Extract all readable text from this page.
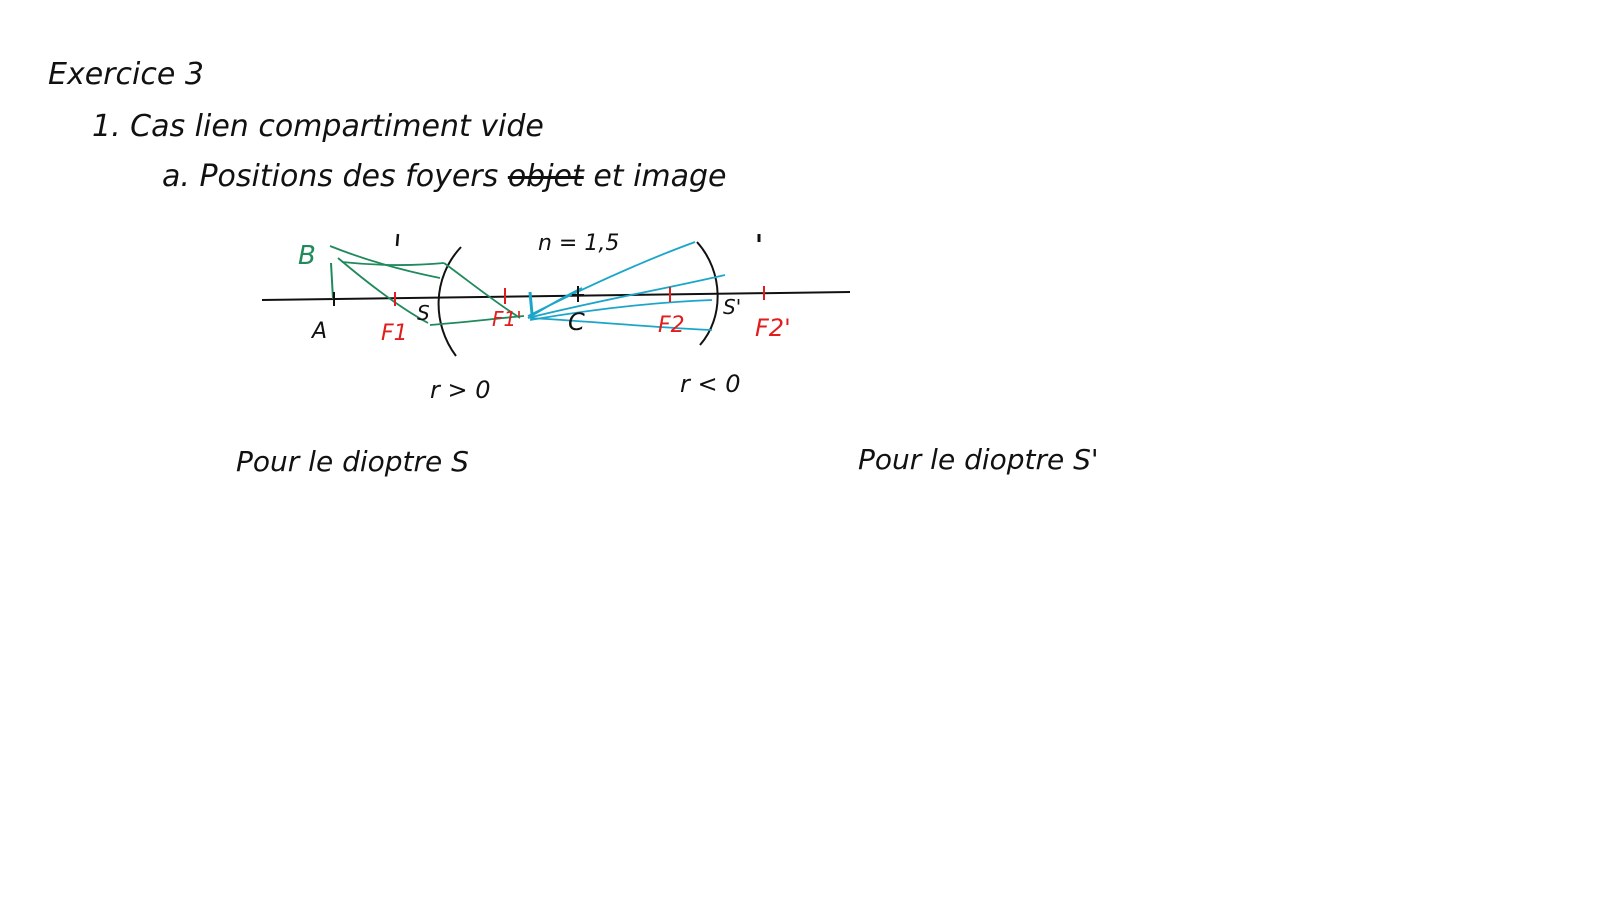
Exercice 3
1. Cas lien compartiment vide
a. Positions des foyers objet et image
B
A
S	S'
C
F1
F1'	F2	F2'
n = 1,5
r > 0	r < 0
Pour le dioptre S	Pour le dioptre S'
